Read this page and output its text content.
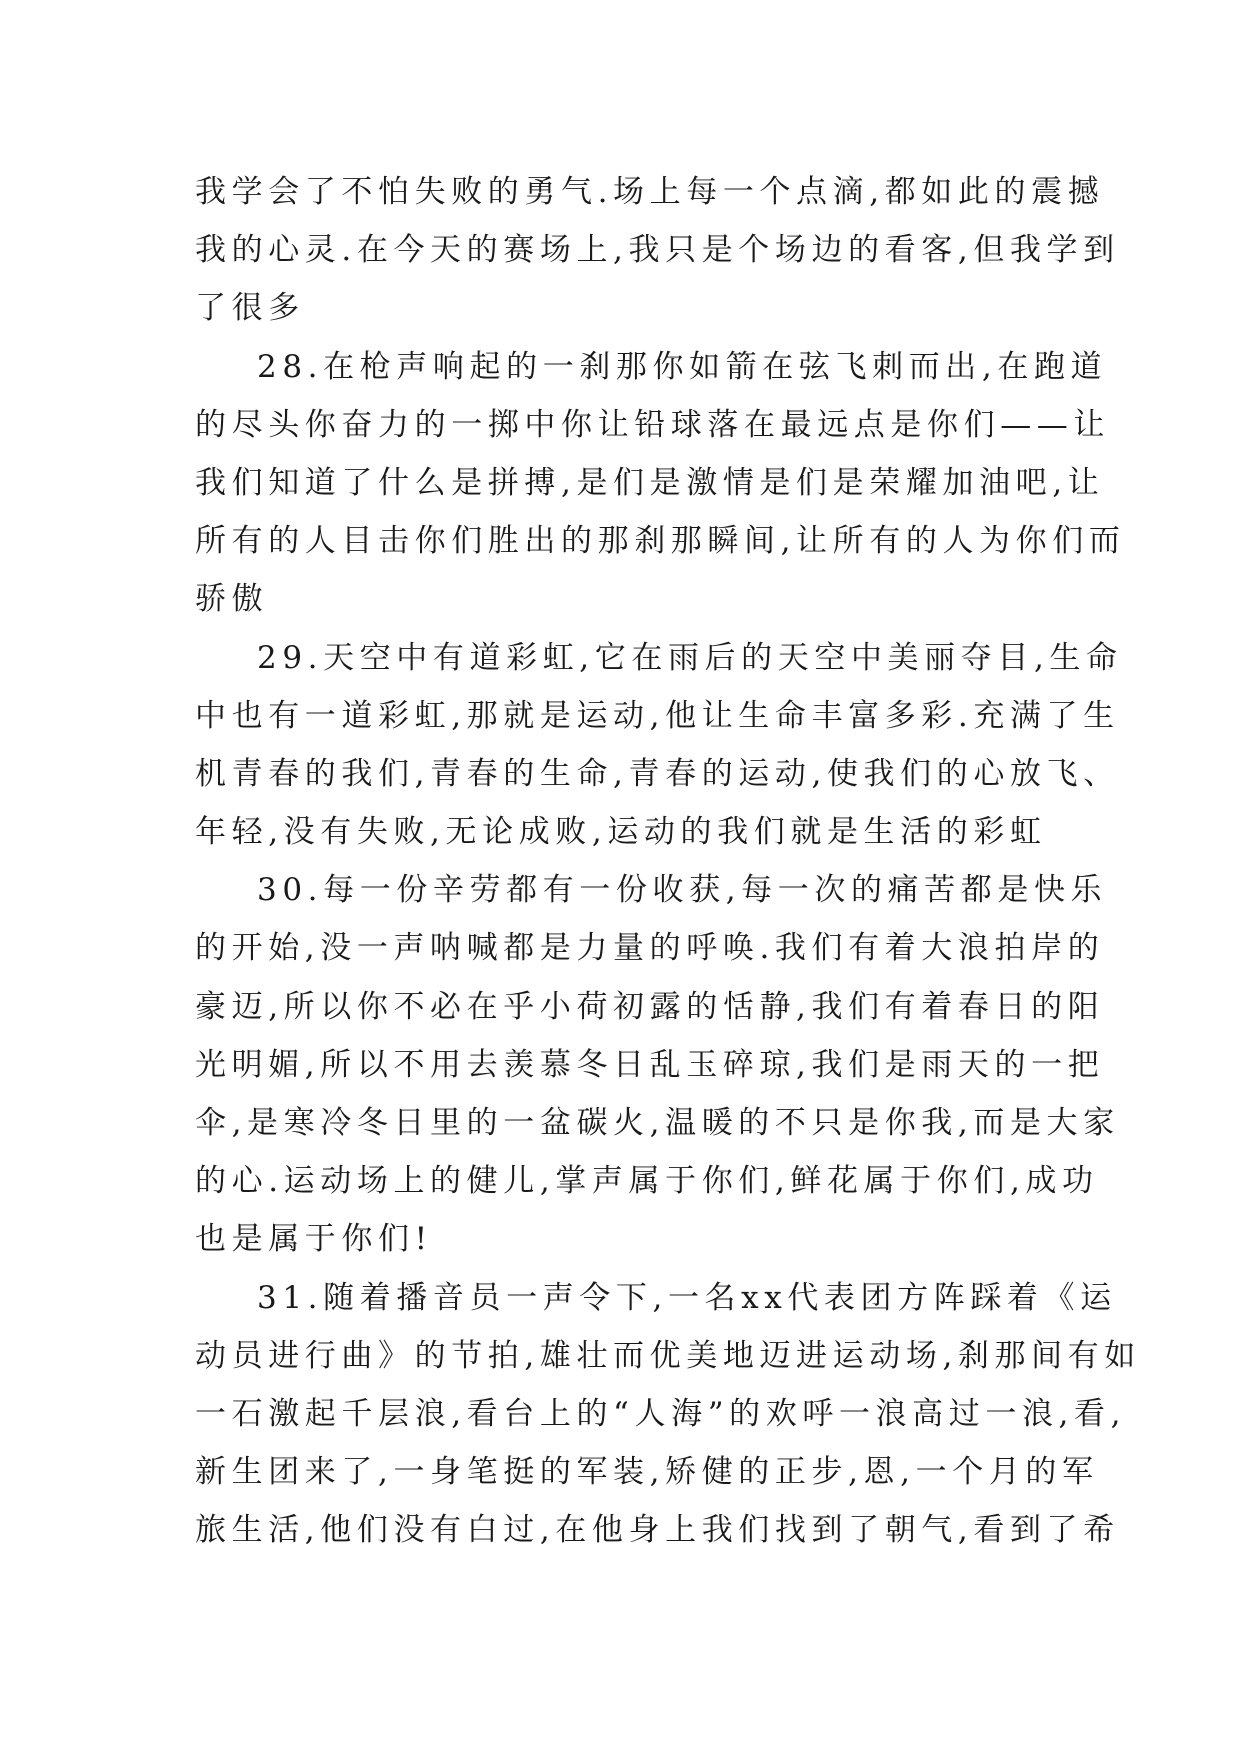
我学会了不怕失败的勇气.场上每一个点滴,都如此的震撼
我的心灵.在今天的赛场上,我只是个场边的看客,但我学到
了很多
28.在枪声响起的一刹那你如箭在弦飞刺而出,在跑道
的尽头你奋力的一掷中你让铅球落在最远点是你们——让
我们知道了什么是拼搏,是们是激情是们是荣耀加油吧,让
所有的人目击你们胜出的那刹那瞬间,让所有的人为你们而
骄傲
29.天空中有道彩虹,它在雨后的天空中美丽夺目,生命
中也有一道彩虹,那就是运动,他让生命丰富多彩.充满了生
机青春的我们,青春的生命,青春的运动,使我们的心放飞、
年轻,没有失败,无论成败,运动的我们就是生活的彩虹
30.每一份辛劳都有一份收获,每一次的痛苦都是快乐
的开始,没一声呐喊都是力量的呼唤.我们有着大浪拍岸的
豪迈,所以你不必在乎小荷初露的恬静,我们有着春日的阳
光明媚,所以不用去羡慕冬日乱玉碎琼,我们是雨天的一把
伞,是寒冷冬日里的一盆碳火,温暖的不只是你我,而是大家
的心.运动场上的健儿,掌声属于你们,鲜花属于你们,成功
也是属于你们!
31.随着播音员一声令下,一名xx代表团方阵踩着《运
动员进行曲》的节拍,雄壮而优美地迈进运动场,刹那间有如
一石激起千层浪,看台上的“人海”的欢呼一浪高过一浪,看,
新生团来了,一身笔挺的军装,矫健的正步,恩,一个月的军
旅生活,他们没有白过,在他身上我们找到了朝气,看到了希
